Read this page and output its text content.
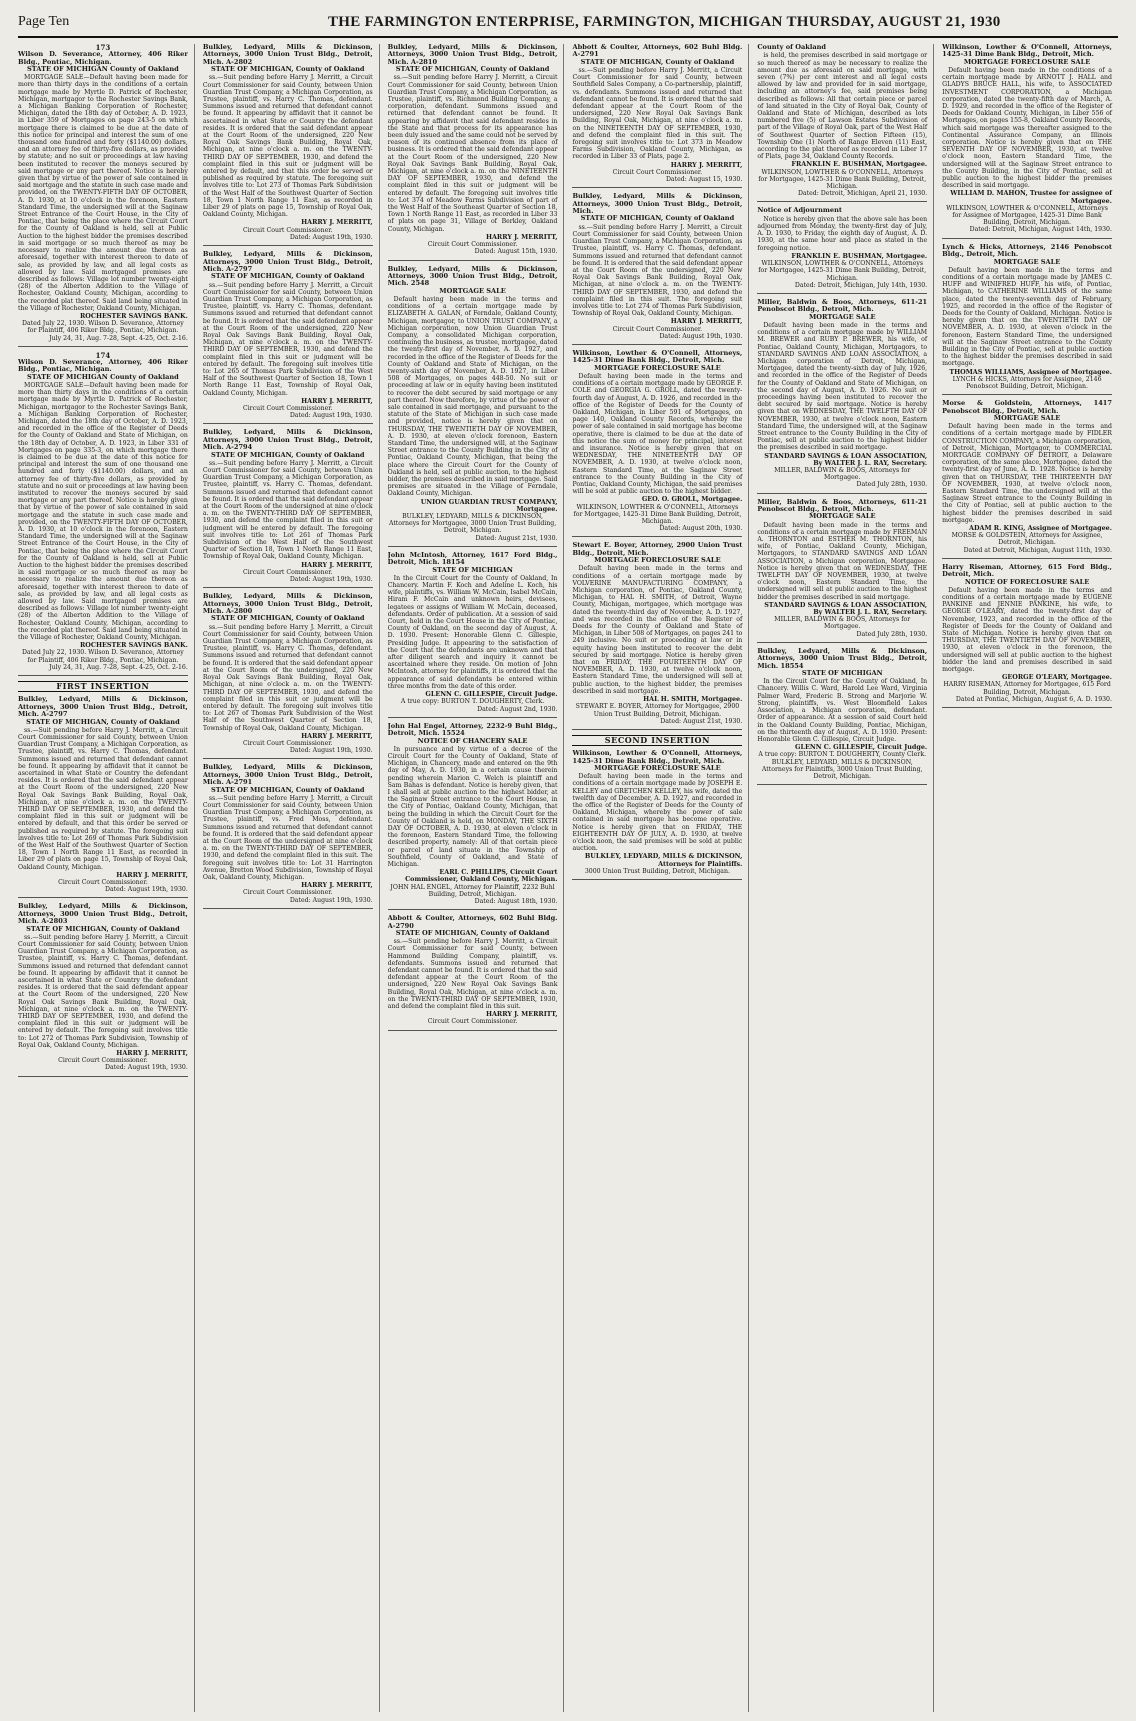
Page Ten	THE FARMINGTON ENTERPRISE, FARMINGTON, MICHIGAN THURSDAY, AUGUST 21, 1930
173
Wilson D. Severance, Attorney, 406 Riker Bldg., Pontiac, Michigan.
STATE OF MICHIGAN County of Oakland
MORTGAGE SALE—Default having been made for more than thirty days in the conditions of a certain mortgage made by Myrtle D. Patrick of Rochester, Michigan, mortgagor to the Rochester Savings Bank, a Michigan Banking Corporation of Rochester, Michigan, dated the 18th day of October, A. D. 1923, in Liber 359 of Mortgages on page 243-5 on which mortgage there is claimed to be due at the date of this notice for principal and interest the sum of one thousand one hundred and forty ($1140.00) dollars, and an attorney fee of thirty-five dollars, as provided by statute; and no suit or proceedings at law having been instituted to recover the moneys secured by said mortgage or any part thereof. Notice is hereby given that by virtue of the power of sale contained in said mortgage and the statute in such case made and provided, on the TWENTY-FIFTH DAY OF OCTOBER, A. D. 1930, at 10 o'clock in the forenoon, Eastern Standard Time, the undersigned will at the Saginaw Street Entrance of the Court House, in the City of Pontiac, that being the place where the Circuit Court for the County of Oakland is held, sell at Public Auction to the highest bidder the premises described in said mortgage or so much thereof as may be necessary to realize the amount due thereon as aforesaid, together with interest thereon to date of sale, as provided by law, and all legal costs as allowed by law. Said mortgaged premises are described as follows: Village lot number twenty-eight (28) of the Alberton Addition to the Village of Rochester, Oakland County, Michigan, according to the recorded plat thereof. Said land being situated in the Village of Rochester, Oakland County, Michigan.
ROCHESTER SAVINGS BANK.
Dated July 22, 1930. Wilson D. Severance, Attorney for Plaintiff, 406 Riker Bldg., Pontiac, Michigan.
July 24, 31, Aug. 7-28, Sept. 4-25, Oct. 2-16.
174
Wilson D. Severance, Attorney, 406 Riker Bldg., Pontiac, Michigan.
STATE OF MICHIGAN County of Oakland
MORTGAGE SALE—Default having been made for more than thirty days in the conditions of a certain mortgage made by Myrtle D. Patrick of Rochester, Michigan, mortgagor to the Rochester Savings Bank, a Michigan Banking Corporation of Rochester, Michigan, dated the 18th day of October, A. D. 1923, and recorded in the office of the Register of Deeds for the County of Oakland and State of Michigan, on the 18th day of October, A. D. 1923, in Liber 331 of Mortgages on page 335-3, on which mortgage there is claimed to be due at the date of this notice for principal and interest the sum of one thousand one hundred and forty ($1140.00) dollars, and an attorney fee of thirty-five dollars, as provided by statute and no suit or proceedings at law having been instituted to recover the moneys secured by said mortgage or any part thereof. Notice is hereby given that by virtue of the power of sale contained in said mortgage and the statute in such case made and provided, on the TWENTY-FIFTH DAY OF OCTOBER, A. D. 1930, at 10 o'clock in the forenoon, Eastern Standard Time, the undersigned will at the Saginaw Street Entrance of the Court House, in the City of Pontiac, that being the place where the Circuit Court for the County of Oakland is held, sell at Public Auction to the highest bidder the premises described in said mortgage or so much thereof as may be necessary to realize the amount due thereon as aforesaid, together with interest thereon to date of sale, as provided by law, and all legal costs as allowed by law. Said mortgaged premises are described as follows: Village lot number twenty-eight (28) of the Alberton Addition to the Village of Rochester, Oakland County, Michigan, according to the recorded plat thereof. Said land being situated in the Village of Rochester, Oakland County, Michigan.
ROCHESTER SAVINGS BANK.
Dated July 22, 1930. Wilson D. Severance, Attorney for Plaintiff, 406 Riker Bldg., Pontiac, Michigan.
July 24, 31, Aug. 7-28, Sept. 4-25, Oct. 2-16.
FIRST INSERTION
Bulkley, Ledyard, Mills & Dickinson, Attorneys, 3000 Union Trust Bldg., Detroit, Mich. A-2797
STATE OF MICHIGAN, County of Oakland
ss.—Suit pending before Harry J. Merritt, a Circuit Court Commissioner for said County, between Union Guardian Trust Company, a Michigan Corporation, as Trustee, plaintiff, vs. Harry C. Thomas, defendant. Summons issued and returned that defendant cannot be found. It appearing by affidavit that it cannot be ascertained in what State or Country the defendant resides. It is ordered that the said defendant appear at the Court Room of the undersigned, 220 New Royal Oak Savings Bank Building, Royal Oak, Michigan, at nine o'clock a. m. on the TWENTY-THIRD DAY OF SEPTEMBER, 1930, and defend the complaint filed in this suit or judgment will be entered by default, and that this order be served or published as required by statute. The foregoing suit involves title to: Lot 269 of Thomas Park Subdivision of the West Half of the Southwest Quarter of Section 18, Town 1 North Range 11 East, as recorded in Liber 29 of plats on page 15, Township of Royal Oak, Oakland County, Michigan.
HARRY J. MERRITT,
Circuit Court Commissioner.
Dated: August 19th, 1930.
Bulkley, Ledyard, Mills & Dickinson, Attorneys, 3000 Union Trust Bldg., Detroit, Mich. A-2803
STATE OF MICHIGAN, County of Oakland
ss.—Suit pending before Harry J. Merritt, a Circuit Court Commissioner for said County, between Union Guardian Trust Company, a Michigan Corporation, as Trustee, plaintiff, vs. Harry C. Thomas, defendant. Summons issued and returned that defendant cannot be found. It appearing by affidavit that it cannot be ascertained in what State or Country the defendant resides. It is ordered that the said defendant appear at the Court Room of the undersigned, 220 New Royal Oak Savings Bank Building, Royal Oak, Michigan, at nine o'clock a. m. on the TWENTY-THIRD DAY OF SEPTEMBER, 1930, and defend the complaint filed in this suit or judgment will be entered by default. The foregoing suit involves title to: Lot 272 of Thomas Park Subdivision, Township of Royal Oak, Oakland County, Michigan.
HARRY J. MERRITT,
Circuit Court Commissioner.
Dated: August 19th, 1930.
Bulkley, Ledyard, Mills & Dickinson, Attorneys, 3000 Union Trust Bldg., Detroit, Mich. A-2802
STATE OF MICHIGAN, County of Oakland
ss.—Suit pending before Harry J. Merritt, a Circuit Court Commissioner for said County, between Union Guardian Trust Company, a Michigan Corporation, as Trustee, plaintiff, vs. Harry C. Thomas, defendant. Summons issued and returned that defendant cannot be found. It appearing by affidavit that it cannot be ascertained in what State or Country the defendant resides. It is ordered that the said defendant appear at the Court Room of the undersigned, 220 New Royal Oak Savings Bank Building, Royal Oak, Michigan, at nine o'clock a. m. on the TWENTY-THIRD DAY OF SEPTEMBER, 1930, and defend the complaint filed in this suit or judgment will be entered by default, and that this order be served or published as required by statute. The foregoing suit involves title to: Lot 273 of Thomas Park Subdivision of the West Half of the Southwest Quarter of Section 18, Town 1 North Range 11 East, as recorded in Liber 29 of plats on page 15, Township of Royal Oak, Oakland County, Michigan.
HARRY J. MERRITT,
Circuit Court Commissioner.
Dated: August 19th, 1930.
Bulkley, Ledyard, Mills & Dickinson, Attorneys, 3000 Union Trust Bldg., Detroit, Mich. A-2797
STATE OF MICHIGAN, County of Oakland
ss.—Suit pending before Harry J. Merritt, a Circuit Court Commissioner for said County, between Union Guardian Trust Company, a Michigan Corporation, as Trustee, plaintiff, vs. Harry C. Thomas, defendant. Summons issued and returned that defendant cannot be found. It is ordered that the said defendant appear at the Court Room of the undersigned, 220 New Royal Oak Savings Bank Building, Royal Oak, Michigan, at nine o'clock a. m. on the TWENTY-THIRD DAY OF SEPTEMBER, 1930, and defend the complaint filed in this suit or judgment will be entered by default. The foregoing suit involves title to: Lot 265 of Thomas Park Subdivision of the West Half of the Southwest Quarter of Section 18, Town 1 North Range 11 East, Township of Royal Oak, Oakland County, Michigan.
HARRY J. MERRITT,
Circuit Court Commissioner.
Dated: August 19th, 1930.
Bulkley, Ledyard, Mills & Dickinson, Attorneys, 3000 Union Trust Bldg., Detroit, Mich. A-2794
STATE OF MICHIGAN, County of Oakland
ss.—Suit pending before Harry J. Merritt, a Circuit Court Commissioner for said County, between Union Guardian Trust Company, a Michigan Corporation, as Trustee, plaintiff, vs. Harry C. Thomas, defendant. Summons issued and returned that defendant cannot be found. It is ordered that the said defendant appear at the Court Room of the undersigned at nine o'clock a. m. on the TWENTY-THIRD DAY OF SEPTEMBER, 1930, and defend the complaint filed in this suit or judgment will be entered by default. The foregoing suit involves title to: Lot 261 of Thomas Park Subdivision of the West Half of the Southwest Quarter of Section 18, Town 1 North Range 11 East, Township of Royal Oak, Oakland County, Michigan.
HARRY J. MERRITT,
Circuit Court Commissioner.
Dated: August 19th, 1930.
Bulkley, Ledyard, Mills & Dickinson, Attorneys, 3000 Union Trust Bldg., Detroit, Mich. A-2800
STATE OF MICHIGAN, County of Oakland
ss.—Suit pending before Harry J. Merritt, a Circuit Court Commissioner for said County, between Union Guardian Trust Company, a Michigan Corporation, as Trustee, plaintiff, vs. Harry C. Thomas, defendant. Summons issued and returned that defendant cannot be found. It is ordered that the said defendant appear at the Court Room of the undersigned, 220 New Royal Oak Savings Bank Building, Royal Oak, Michigan, at nine o'clock a. m. on the TWENTY-THIRD DAY OF SEPTEMBER, 1930, and defend the complaint filed in this suit or judgment will be entered by default. The foregoing suit involves title to: Lot 267 of Thomas Park Subdivision of the West Half of the Southwest Quarter of Section 18, Township of Royal Oak, Oakland County, Michigan.
HARRY J. MERRITT,
Circuit Court Commissioner.
Dated: August 19th, 1930.
Bulkley, Ledyard, Mills & Dickinson, Attorneys, 3000 Union Trust Bldg., Detroit, Mich. A-2791
STATE OF MICHIGAN, County of Oakland
ss.—Suit pending before Harry J. Merritt, a Circuit Court Commissioner for said County, between Union Guardian Trust Company, a Michigan Corporation, as Trustee, plaintiff, vs. Fred Moss, defendant. Summons issued and returned that defendant cannot be found. It is ordered that the said defendant appear at the Court Room of the undersigned at nine o'clock a. m. on the TWENTY-THIRD DAY OF SEPTEMBER, 1930, and defend the complaint filed in this suit. The foregoing suit involves title to: Lot 31 Harrington Avenue, Bretton Wood Subdivision, Township of Royal Oak, Oakland County, Michigan.
HARRY J. MERRITT,
Circuit Court Commissioner.
Dated: August 19th, 1930.
Bulkley, Ledyard, Mills & Dickinson, Attorneys, 3000 Union Trust Bldg., Detroit, Mich. A-2810
STATE OF MICHIGAN, County of Oakland
ss.—Suit pending before Harry J. Merritt, a Circuit Court Commissioner for said County, between Union Guardian Trust Company, a Michigan Corporation, as Trustee, plaintiff, vs. Richmond Building Company, a corporation, defendant. Summons issued and returned that defendant cannot be found. It appearing by affidavit that said defendant resides in the State and that process for its appearance has been duly issued and the same could not be served by reason of its continued absence from its place of business. It is ordered that the said defendant appear at the Court Room of the undersigned, 220 New Royal Oak Savings Bank Building, Royal Oak, Michigan, at nine o'clock a. m. on the NINETEENTH DAY OF SEPTEMBER, 1930, and defend the complaint filed in this suit or judgment will be entered by default. The foregoing suit involves title to: Lot 374 of Meadow Farms Subdivision of part of the West Half of the Southeast Quarter of Section 18, Town 1 North Range 11 East, as recorded in Liber 33 of plats on page 31, Village of Berkley, Oakland County, Michigan.
HARRY J. MERRITT,
Circuit Court Commissioner.
Dated: August 15th, 1930.
Bulkley, Ledyard, Mills & Dickinson, Attorneys, 3000 Union Trust Bldg., Detroit, Mich. 2548
MORTGAGE SALE
Default having been made in the terms and conditions of a certain mortgage made by ELIZABETH A. GALAN, of Ferndale, Oakland County, Michigan, mortgagor, to UNION TRUST COMPANY, a Michigan corporation, now Union Guardian Trust Company, a consolidated Michigan corporation, continuing the business, as trustee, mortgagee, dated the twenty-first day of November, A. D. 1927, and recorded in the office of the Register of Deeds for the County of Oakland and State of Michigan, on the twenty-sixth day of November, A. D. 1927, in Liber 508 of Mortgages, on pages 448-50. No suit or proceeding at law or in equity having been instituted to recover the debt secured by said mortgage or any part thereof. Now therefore, by virtue of the power of sale contained in said mortgage, and pursuant to the statute of the State of Michigan in such case made and provided, notice is hereby given that on THURSDAY, THE TWENTIETH DAY OF NOVEMBER, A. D. 1930, at eleven o'clock forenoon, Eastern Standard Time, the undersigned will, at the Saginaw Street entrance to the County Building in the City of Pontiac, Oakland County, Michigan, that being the place where the Circuit Court for the County of Oakland is held, sell at public auction, to the highest bidder, the premises described in said mortgage. Said premises are situated in the Village of Ferndale, Oakland County, Michigan.
UNION GUARDIAN TRUST COMPANY, Mortgagee.
BULKLEY, LEDYARD, MILLS & DICKINSON, Attorneys for Mortgagee, 3000 Union Trust Building, Detroit, Michigan.
Dated: August 21st, 1930.
John McIntosh, Attorney, 1617 Ford Bldg., Detroit, Mich. 18154
STATE OF MICHIGAN
In the Circuit Court for the County of Oakland, In Chancery. Martin F. Koch and Adeline L. Koch, his wife, plaintiffs, vs. William W. McCain, Isabel McCain, Hiram F. McCain and unknown heirs, devisees, legatees or assigns of William W. McCain, deceased, defendants. Order of publication. At a session of said Court, held in the Court House in the City of Pontiac, County of Oakland, on the second day of August, A. D. 1930. Present: Honorable Glenn C. Gillespie, Presiding Judge. It appearing to the satisfaction of the Court that the defendants are unknown and that after diligent search and inquiry it cannot be ascertained where they reside. On motion of John McIntosh, attorney for plaintiffs, it is ordered that the appearance of said defendants be entered within three months from the date of this order.
GLENN C. GILLESPIE, Circuit Judge.
A true copy: BURTON T. DOUGHERTY, Clerk.
Dated: August 2nd, 1930.
John Hal Engel, Attorney, 2232-9 Buhl Bldg., Detroit, Mich. 15524
NOTICE OF CHANCERY SALE
In pursuance and by virtue of a decree of the Circuit Court for the County of Oakland, State of Michigan, in Chancery, made and entered on the 9th day of May, A. D. 1930, in a certain cause therein pending wherein Marion C. Welch is plaintiff and Sam Bahas is defendant. Notice is hereby given, that I shall sell at public auction to the highest bidder, at the Saginaw Street entrance to the Court House, in the City of Pontiac, Oakland County, Michigan, that being the building in which the Circuit Court for the County of Oakland is held, on MONDAY, THE SIXTH DAY OF OCTOBER, A. D. 1930, at eleven o'clock in the forenoon, Eastern Standard Time, the following described property, namely: All of that certain piece or parcel of land situate in the Township of Southfield, County of Oakland, and State of Michigan.
EARL C. PHILLIPS, Circuit Court Commissioner, Oakland County, Michigan.
JOHN HAL ENGEL, Attorney for Plaintiff, 2232 Buhl Building, Detroit, Michigan.
Dated: August 18th, 1930.
Abbott & Coulter, Attorneys, 602 Buhl Bldg. A-2790
STATE OF MICHIGAN, County of Oakland
ss.—Suit pending before Harry J. Merritt, a Circuit Court Commissioner for said County, between Hammond Building Company, plaintiff, vs. defendants. Summons issued and returned that defendant cannot be found. It is ordered that the said defendant appear at the Court Room of the undersigned, 220 New Royal Oak Savings Bank Building, Royal Oak, Michigan, at nine o'clock a. m. on the TWENTY-THIRD DAY OF SEPTEMBER, 1930, and defend the complaint filed in this suit.
HARRY J. MERRITT,
Circuit Court Commissioner.
Abbott & Coulter, Attorneys, 602 Buhl Bldg. A-2791
STATE OF MICHIGAN, County of Oakland
ss.—Suit pending before Harry J. Merritt, a Circuit Court Commissioner for said County, between Southfield Sales Company, a Co-partnership, plaintiff, vs. defendants. Summons issued and returned that defendant cannot be found. It is ordered that the said defendant appear at the Court Room of the undersigned, 220 New Royal Oak Savings Bank Building, Royal Oak, Michigan, at nine o'clock a. m. on the NINETEENTH DAY OF SEPTEMBER, 1930, and defend the complaint filed in this suit. The foregoing suit involves title to: Lot 373 in Meadow Farms Subdivision, Oakland County, Michigan, as recorded in Liber 33 of Plats, page 2.
HARRY J. MERRITT,
Circuit Court Commissioner.
Dated: August 15, 1930.
Bulkley, Ledyard, Mills & Dickinson, Attorneys, 3000 Union Trust Bldg., Detroit, Mich.
STATE OF MICHIGAN, County of Oakland
ss.—Suit pending before Harry J. Merritt, a Circuit Court Commissioner for said County, between Union Guardian Trust Company, a Michigan Corporation, as Trustee, plaintiff, vs. Harry C. Thomas, defendant. Summons issued and returned that defendant cannot be found. It is ordered that the said defendant appear at the Court Room of the undersigned, 220 New Royal Oak Savings Bank Building, Royal Oak, Michigan, at nine o'clock a. m. on the TWENTY-THIRD DAY OF SEPTEMBER, 1930, and defend the complaint filed in this suit. The foregoing suit involves title to: Lot 274 of Thomas Park Subdivision, Township of Royal Oak, Oakland County, Michigan.
HARRY J. MERRITT,
Circuit Court Commissioner.
Dated: August 19th, 1930.
Wilkinson, Lowther & O'Connell, Attorneys, 1425-31 Dime Bank Bldg., Detroit, Mich.
MORTGAGE FORECLOSURE SALE
Default having been made in the terms and conditions of a certain mortgage made by GEORGE F. COLE and GEORGIA G. GROLL, dated the twenty-fourth day of August, A. D. 1926, and recorded in the office of the Register of Deeds for the County of Oakland, Michigan, in Liber 591 of Mortgages, on page 140, Oakland County Records, whereby the power of sale contained in said mortgage has become operative, there is claimed to be due at the date of this notice the sum of money for principal, interest and insurance. Notice is hereby given that on WEDNESDAY, THE NINETEENTH DAY OF NOVEMBER, A. D. 1930, at twelve o'clock noon, Eastern Standard Time, at the Saginaw Street entrance to the County Building in the City of Pontiac, Oakland County, Michigan, the said premises will be sold at public auction to the highest bidder.
GEO. O. GROLL, Mortgagee.
WILKINSON, LOWTHER & O'CONNELL, Attorneys for Mortgagee, 1425-31 Dime Bank Building, Detroit, Michigan.
Dated: August 20th, 1930.
Stewart E. Boyer, Attorney, 2900 Union Trust Bldg., Detroit, Mich.
MORTGAGE FORECLOSURE SALE
Default having been made in the terms and conditions of a certain mortgage made by VOLVERINE MANUFACTURING COMPANY, a Michigan corporation, of Pontiac, Oakland County, Michigan, to HAL H. SMITH, of Detroit, Wayne County, Michigan, mortgagee, which mortgage was dated the twenty-third day of November, A. D. 1927, and was recorded in the office of the Register of Deeds for the County of Oakland and State of Michigan, in Liber 508 of Mortgages, on pages 241 to 249 inclusive. No suit or proceeding at law or in equity having been instituted to recover the debt secured by said mortgage. Notice is hereby given that on FRIDAY, THE FOURTEENTH DAY OF NOVEMBER, A. D. 1930, at twelve o'clock noon, Eastern Standard Time, the undersigned will sell at public auction, to the highest bidder, the premises described in said mortgage.
HAL H. SMITH, Mortgagee.
STEWART E. BOYER, Attorney for Mortgagee, 2900 Union Trust Building, Detroit, Michigan.
Dated: August 21st, 1930.
SECOND INSERTION
Wilkinson, Lowther & O'Connell, Attorneys, 1425-31 Dime Bank Bldg., Detroit, Mich.
MORTGAGE FORECLOSURE SALE
Default having been made in the terms and conditions of a certain mortgage made by JOSEPH E. KELLEY and GRETCHEN KELLEY, his wife, dated the twelfth day of December, A. D. 1927, and recorded in the office of the Register of Deeds for the County of Oakland, Michigan, whereby the power of sale contained in said mortgage has become operative. Notice is hereby given that on FRIDAY, THE EIGHTEENTH DAY OF JULY, A. D. 1930, at twelve o'clock noon, the said premises will be sold at public auction.
BULKLEY, LEDYARD, MILLS & DICKINSON, Attorneys for Plaintiffs.
3000 Union Trust Building, Detroit, Michigan.
County of Oakland
is held, the premises described in said mortgage or so much thereof as may be necessary to realize the amount due as aforesaid on said mortgage, with seven (7%) per cent interest and all legal costs allowed by law and provided for in said mortgage, including an attorney's fee, said premises being described as follows: All that certain piece or parcel of land situated in the City of Royal Oak, County of Oakland and State of Michigan, described as lots numbered five (5) of Lawson Estates Subdivision of part of the Village of Royal Oak, part of the West Half of Southwest Quarter of Section Fifteen (15), Township One (1) North of Range Eleven (11) East, according to the plat thereof as recorded in Liber 17 of Plats, page 34, Oakland County Records.
FRANKLIN E. BUSHMAN, Mortgagee.
WILKINSON, LOWTHER & O'CONNELL, Attorneys for Mortgagee, 1425-31 Dime Bank Building, Detroit, Michigan.
Dated: Detroit, Michigan, April 21, 1930.
Notice of Adjournment
Notice is hereby given that the above sale has been adjourned from Monday, the twenty-first day of July, A. D. 1930, to Friday, the eighth day of August, A. D. 1930, at the same hour and place as stated in the foregoing notice.
FRANKLIN E. BUSHMAN, Mortgagee.
WILKINSON, LOWTHER & O'CONNELL, Attorneys for Mortgagee, 1425-31 Dime Bank Building, Detroit, Michigan.
Dated: Detroit, Michigan, July 14th, 1930.
Miller, Baldwin & Boos, Attorneys, 611-21 Penobscot Bldg., Detroit, Mich.
MORTGAGE SALE
Default having been made in the terms and conditions of a certain mortgage made by WILLIAM M. BREWER and RUBY P. BREWER, his wife, of Pontiac, Oakland County, Michigan, Mortgagors, to STANDARD SAVINGS AND LOAN ASSOCIATION, a Michigan corporation of Detroit, Michigan, Mortgagee, dated the twenty-sixth day of July, 1926, and recorded in the office of the Register of Deeds for the County of Oakland and State of Michigan, on the second day of August, A. D. 1926. No suit or proceedings having been instituted to recover the debt secured by said mortgage. Notice is hereby given that on WEDNESDAY, THE TWELFTH DAY OF NOVEMBER, 1930, at twelve o'clock noon, Eastern Standard Time, the undersigned will, at the Saginaw Street entrance to the County Building in the City of Pontiac, sell at public auction to the highest bidder the premises described in said mortgage.
STANDARD SAVINGS & LOAN ASSOCIATION, By WALTER J. L. RAY, Secretary.
MILLER, BALDWIN & BOOS, Attorneys for Mortgagee.
Dated July 28th, 1930.
Miller, Baldwin & Boos, Attorneys, 611-21 Penobscot Bldg., Detroit, Mich.
MORTGAGE SALE
Default having been made in the terms and conditions of a certain mortgage made by FREEMAN A. THORNTON and ESTHER M. THORNTON, his wife, of Pontiac, Oakland County, Michigan, Mortgagors, to STANDARD SAVINGS AND LOAN ASSOCIATION, a Michigan corporation, Mortgagee. Notice is hereby given that on WEDNESDAY, THE TWELFTH DAY OF NOVEMBER, 1930, at twelve o'clock noon, Eastern Standard Time, the undersigned will sell at public auction to the highest bidder the premises described in said mortgage.
STANDARD SAVINGS & LOAN ASSOCIATION, By WALTER J. L. RAY, Secretary.
MILLER, BALDWIN & BOOS, Attorneys for Mortgagee.
Dated July 28th, 1930.
Bulkley, Ledyard, Mills & Dickinson, Attorneys, 3000 Union Trust Bldg., Detroit, Mich. 18554
STATE OF MICHIGAN
In the Circuit Court for the County of Oakland, In Chancery. Willis C. Ward, Harold Lee Ward, Virginia Palmer Ward, Frederic B. Strong and Marjorie W. Strong, plaintiffs, vs. West Bloomfield Lakes Association, a Michigan corporation, defendant. Order of appearance. At a session of said Court held in the Oakland County Building, Pontiac, Michigan, on the thirteenth day of August, A. D. 1930. Present: Honorable Glenn C. Gillespie, Circuit Judge.
GLENN C. GILLESPIE, Circuit Judge.
A true copy: BURTON T. DOUGHERTY, County Clerk. BULKLEY, LEDYARD, MILLS & DICKINSON, Attorneys for Plaintiffs, 3000 Union Trust Building, Detroit, Michigan.
Wilkinson, Lowther & O'Connell, Attorneys, 1425-31 Dime Bank Bldg., Detroit, Mich.
MORTGAGE FORECLOSURE SALE
Default having been made in the conditions of a certain mortgage made by ARNOTT J. HALL and GLADYS BRUCE HALL, his wife, to ASSOCIATED INVESTMENT CORPORATION, a Michigan corporation, dated the twenty-fifth day of March, A. D. 1929, and recorded in the office of the Register of Deeds for Oakland County, Michigan, in Liber 556 of Mortgages, on pages 155-8, Oakland County Records, which said mortgage was thereafter assigned to the Continental Assurance Company, an Illinois corporation. Notice is hereby given that on THE SEVENTH DAY OF NOVEMBER, 1930, at twelve o'clock noon, Eastern Standard Time, the undersigned will at the Saginaw Street entrance to the County Building, in the City of Pontiac, sell at public auction to the highest bidder the premises described in said mortgage.
WILLIAM D. MAHON, Trustee for assignee of Mortgagee.
WILKINSON, LOWTHER & O'CONNELL, Attorneys for Assignee of Mortgagee, 1425-31 Dime Bank Building, Detroit, Michigan.
Dated: Detroit, Michigan, August 14th, 1930.
Lynch & Hicks, Attorneys, 2146 Penobscot Bldg., Detroit, Mich.
MORTGAGE SALE
Default having been made in the terms and conditions of a certain mortgage made by JAMES C. HUFF and WINIFRED HUFF, his wife, of Pontiac, Michigan, to CATHERINE WILLIAMS of the same place, dated the twenty-seventh day of February, 1925, and recorded in the office of the Register of Deeds for the County of Oakland, Michigan. Notice is hereby given that on the TWENTIETH DAY OF NOVEMBER, A. D. 1930, at eleven o'clock in the forenoon, Eastern Standard Time, the undersigned will at the Saginaw Street entrance to the County Building in the City of Pontiac, sell at public auction to the highest bidder the premises described in said mortgage.
THOMAS WILLIAMS, Assignee of Mortgagee.
LYNCH & HICKS, Attorneys for Assignee, 2146 Penobscot Building, Detroit, Michigan.
Morse & Goldstein, Attorneys, 1417 Penobscot Bldg., Detroit, Mich.
MORTGAGE SALE
Default having been made in the terms and conditions of a certain mortgage made by FIDLER CONSTRUCTION COMPANY, a Michigan corporation, of Detroit, Michigan, Mortgagor, to COMMERCIAL MORTGAGE COMPANY OF DETROIT, a Delaware corporation, of the same place, Mortgagee, dated the twenty-first day of June, A. D. 1928. Notice is hereby given that on THURSDAY, THE THIRTEENTH DAY OF NOVEMBER, 1930, at twelve o'clock noon, Eastern Standard Time, the undersigned will at the Saginaw Street entrance to the County Building in the City of Pontiac, sell at public auction to the highest bidder the premises described in said mortgage.
ADAM R. KING, Assignee of Mortgagee.
MORSE & GOLDSTEIN, Attorneys for Assignee, Detroit, Michigan.
Dated at Detroit, Michigan, August 11th, 1930.
Harry Riseman, Attorney, 615 Ford Bldg., Detroit, Mich.
NOTICE OF FORECLOSURE SALE
Default having been made in the terms and conditions of a certain mortgage made by EUGENE PANKINE and JENNIE PANKINE, his wife, to GEORGE O'LEARY, dated the twenty-first day of November, 1923, and recorded in the office of the Register of Deeds for the County of Oakland and State of Michigan. Notice is hereby given that on THURSDAY, THE TWENTIETH DAY OF NOVEMBER, 1930, at eleven o'clock in the forenoon, the undersigned will sell at public auction to the highest bidder the land and premises described in said mortgage.
GEORGE O'LEARY, Mortgagee.
HARRY RISEMAN, Attorney for Mortgagee, 615 Ford Building, Detroit, Michigan.
Dated at Pontiac, Michigan, August 6, A. D. 1930.
